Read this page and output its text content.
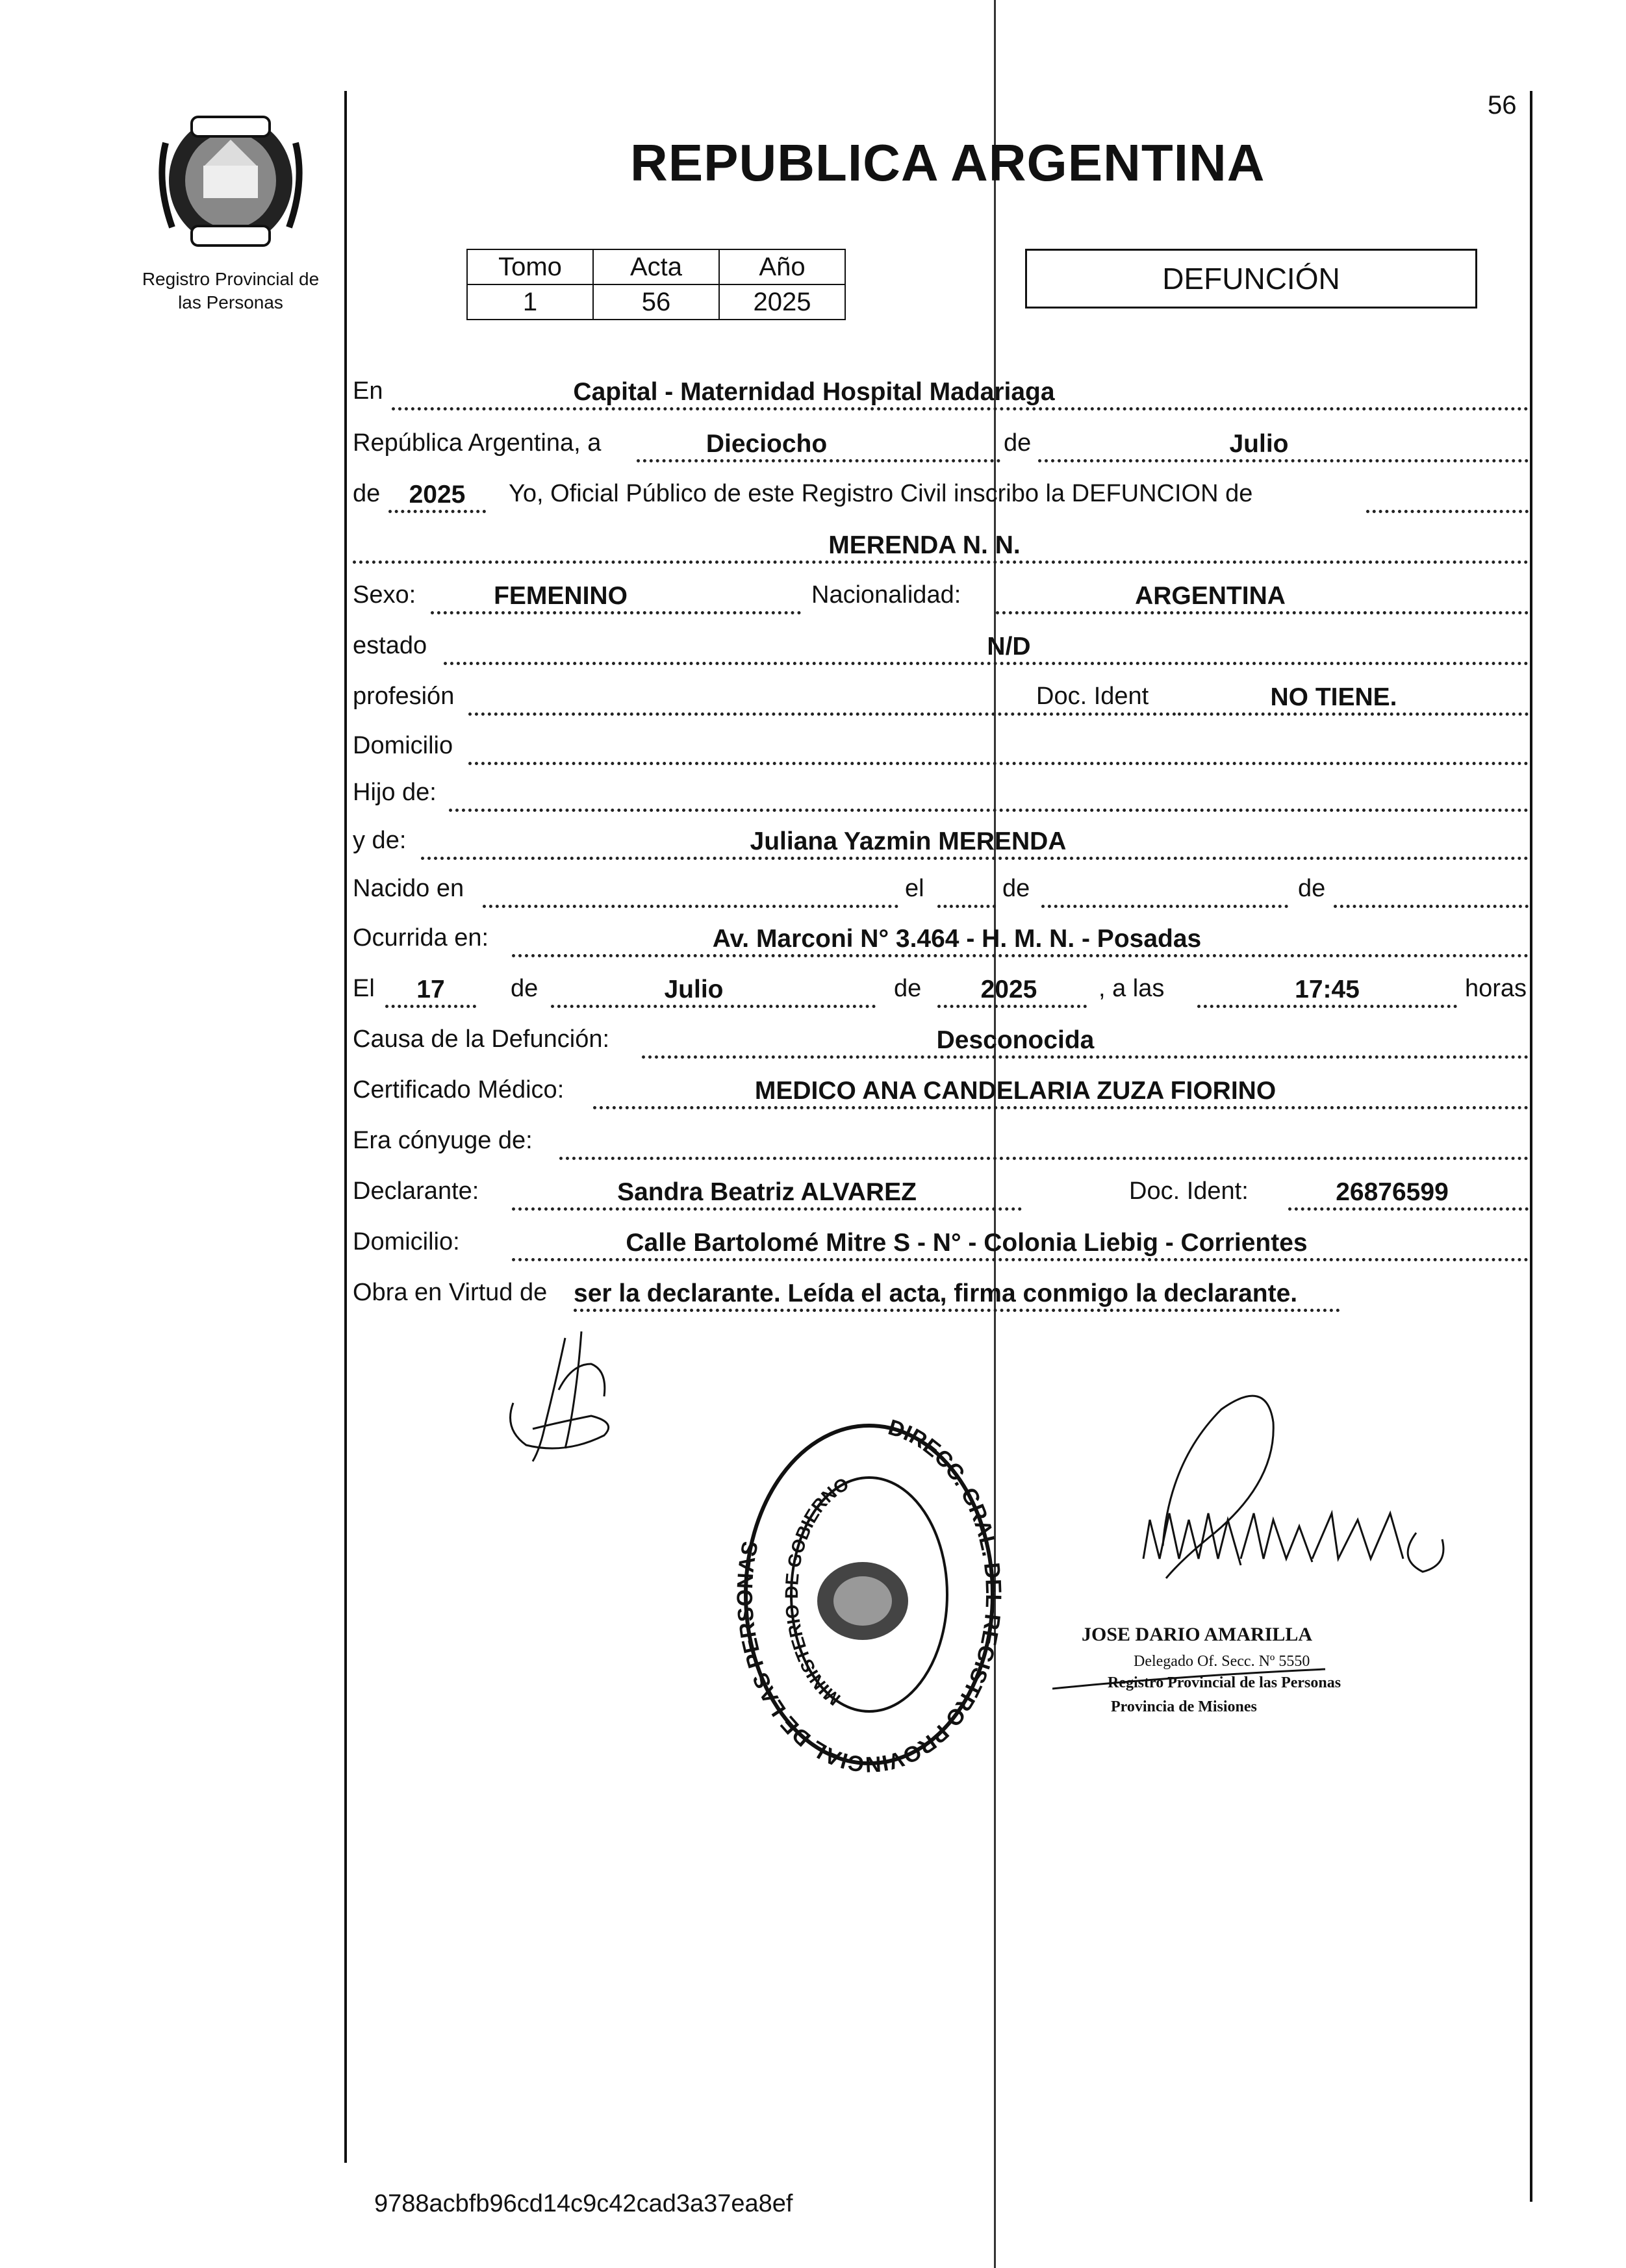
Registro Provincial de
las Personas
56
REPUBLICA ARGENTINA
Tomo	Acta	Año
1	56	2025
DEFUNCIÓN
En	Capital - Maternidad Hospital Madariaga
República Argentina, a	Dieciocho	de	Julio
de	2025	Yo, Oficial Público de este Registro Civil inscribo la DEFUNCION de
MERENDA N. N.
Sexo:	FEMENINO	Nacionalidad:	ARGENTINA
estado	N/D
profesión	Doc. Ident	NO TIENE.
Domicilio
Hijo de:
y de:	Juliana Yazmin MERENDA
Nacido en	el	de	de
Ocurrida en:	Av. Marconi N° 3.464 - H. M. N. - Posadas
El	17	de	Julio	de	2025	, a las	17:45	horas
Causa de la Defunción:	Desconocida
Certificado Médico:	MEDICO ANA CANDELARIA ZUZA FIORINO
Era cónyuge de:
Declarante:	Sandra Beatriz ALVAREZ	Doc. Ident:	26876599
Domicilio:	Calle Bartolomé Mitre S - N° - Colonia Liebig - Corrientes
Obra en Virtud de ser la declarante. Leída el acta, firma conmigo la declarante.
DIRECC. GRAL. DEL REGISTRO PROVINCIAL DE LAS PERSONAS
MINISTERIO DE GOBIERNO
JOSE DARIO AMARILLA
Delegado Of. Secc. Nº 5550
Registro Provincial de las Personas
Provincia de Misiones
9788acbfb96cd14c9c42cad3a37ea8ef
